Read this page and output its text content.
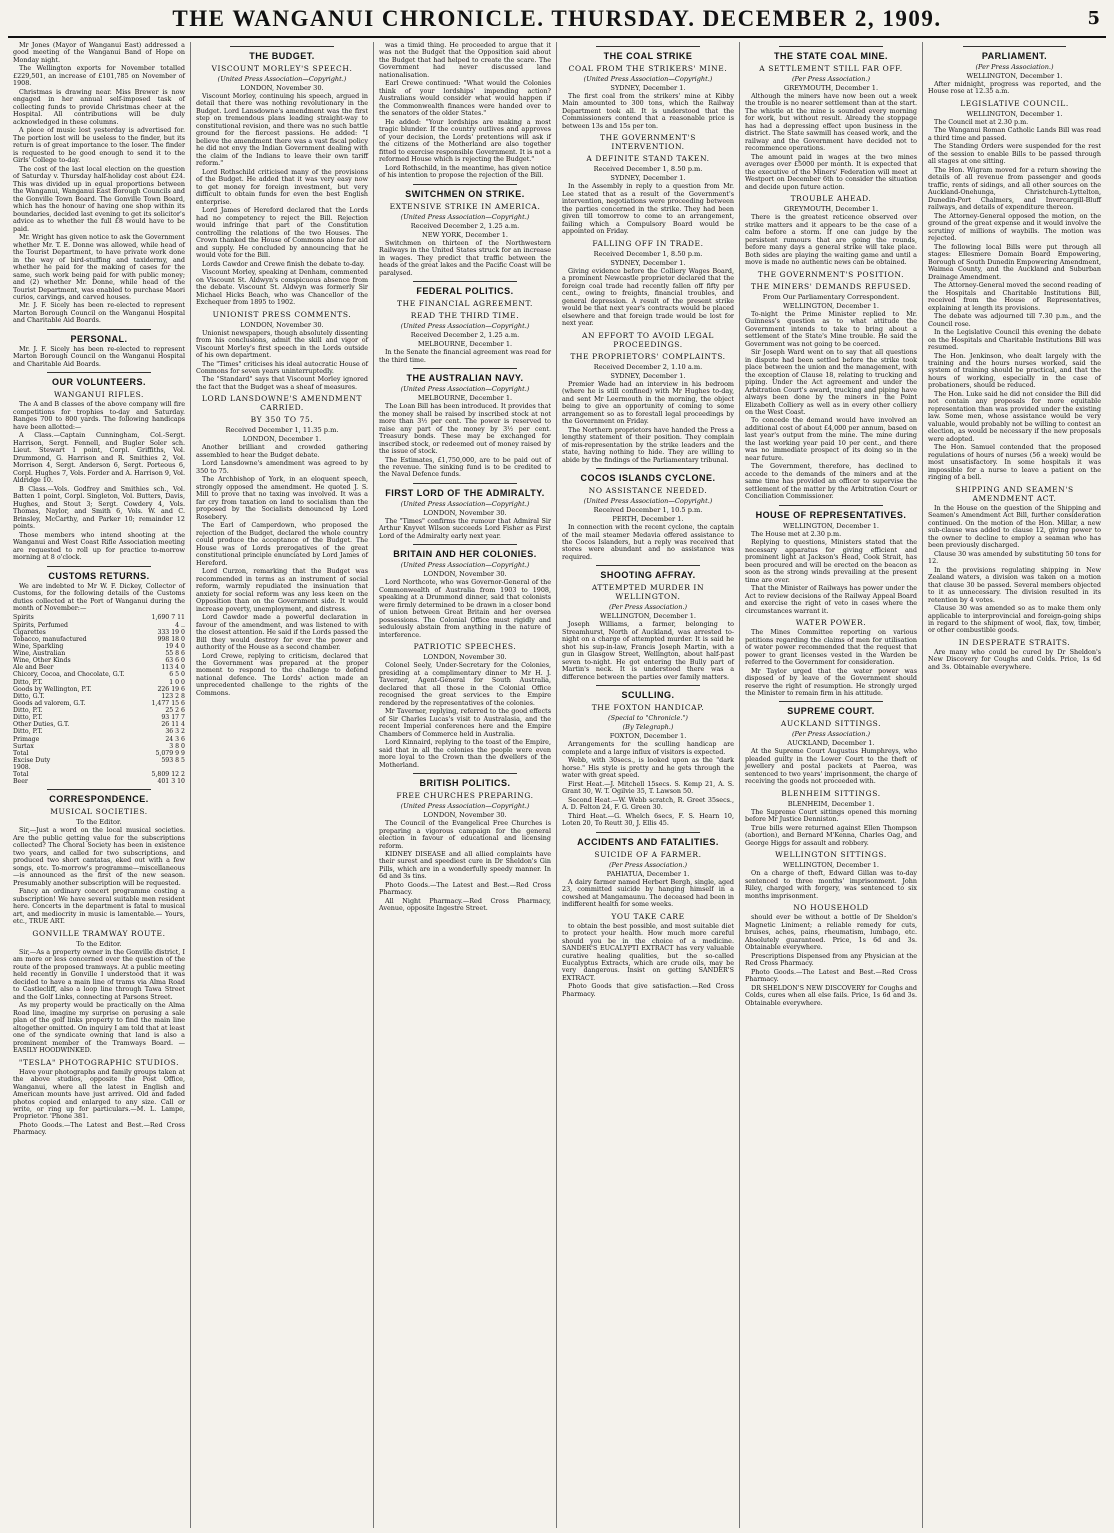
THE WANGANUI CHRONICLE. THURSDAY. DECEMBER 2, 1909.	5
Mr Jones (Mayor of Wanganui East) addressed a good meeting of the Wanganui Band of Hope on Monday night.
The Wellington exports for November totalled £229,501, an increase of £101,785 on November of 1908.
Christmas is drawing near. Miss Brewer is now engaged in her annual self-imposed task of collecting funds to provide Christmas cheer at the Hospital. All contributions will be duly acknowledged in these columns.
A piece of music lost yesterday is advertised for. The portion lost will be useless to the finder, but its return is of great importance to the loser. The finder is requested to be good enough to send it to the Girls' College to-day.
The cost of the last local election on the question of Saturday v. Thursday half-holiday cost about £24. This was divided up in equal proportions between the Wanganui, Wanganui East Borough Councils and the Gonville Town Board. The Gonville Town Board, which has the honour of having one shop within its boundaries, decided last evening to get its solicitor's advice as to whether the full £8 would have to be paid.
Mr. Wright has given notice to ask the Government whether Mr. T. E. Donne was allowed, while head of the Tourist Department, to have private work done in the way of bird-stuffing and taxidermy, and whether he paid for the making of cases for the same, such work being paid for with public money; and (2) whether Mr. Donne, while head of the Tourist Department, was enabled to purchase Maori curios, carvings, and carved houses.
Mr. J. F. Sicely has been re-elected to represent Marton Borough Council on the Wanganui Hospital and Charitable Aid Boards.
PERSONAL.
Mr. J. F. Sicely has been re-elected to represent Marton Borough Council on the Wanganui Hospital and Charitable Aid Boards.
OUR VOLUNTEERS.
WANGANUI RIFLES.
The A and B classes of the above company will fire competitions for trophies to-day and Saturday. Ranges 700 to 800 yards. The following handicaps have been allotted:—
A Class.—Captain Cunningham, Col.-Sergt. Harrison, Sergt. Fennell, and Bugler Soler sch. Lieut. Stewart 1 point, Corpl. Griffiths, Vol. Drummond, G. Harrison and R. Smithies 2, Vol. Morrison 4, Sergt. Anderson 6, Sergt. Porteous 6, Corpl. Hughes 7, Vols. Forder and A. Harrison 9, Vol. Aldridge 10.
B Class.—Vols. Godfrey and Smithies sch., Vol. Batten 1 point, Corpl. Singleton, Vol. Butters, Davis, Hughes, and Stout 3; Sergt. Cowdery 4, Vols. Thomas, Naylor, and Smith 6, Vols. W. and C. Brinsley, McCarthy, and Parker 10; remainder 12 points.
Those members who intend shooting at the Wanganui and West Coast Rifle Association meeting are requested to roll up for practice to-morrow morning at 8 o'clock.
CUSTOMS RETURNS.
We are indebted to Mr W. F. Dickey, Collector of Customs, for the following details of the Customs duties collected at the Port of Wanganui during the month of November:—
Spirits	1,690 7 11
Spirits, Perfumed	4 ..
Cigarettes	333 19 0
Tobacco, manufactured	998 18 0
Wine, Sparkling	19 4 0
Wine, Australian	55 8 6
Wine, Other Kinds	63 6 0
Ale and Beer	113 4 0
Chicory, Cocoa, and Chocolate, G.T.	6 5 0
Ditto, P.T.	1 0 0
Goods by Wellington, P.T.	226 19 6
Ditto, G.T.	123 2 8
Goods ad valorem, G.T.	1,477 15 6
Ditto, P.T.	25 2 6
Ditto, P.T.	93 17 7
Other Duties, G.T.	26 11 4
Ditto, P.T.	36 3 2
Primage	24 3 6
Surtax	3 8 0
Total	5,079 9 9
Excise Duty	593 8 5
1908.	
Total	5,809 12 2
Beer	401 3 10
CORRESPONDENCE.
MUSICAL SOCIETIES.
To the Editor.
Sir,—Just a word on the local musical societies. Are the public getting value for the subscriptions collected? The Choral Society has been in existence two years, and called for two subscriptions, and produced two short cantatas, eked out with a few songs, etc. To-morrow's programme—miscellaneous—is announced as the first of the new season. Presumably another subscription will be requested.
Fancy an ordinary concert programme costing a subscription! We have several suitable men resident here. Concerts in the department is fatal to musical art, and mediocrity in music is lamentable.— Yours, etc., TRUE ART.
GONVILLE TRAMWAY ROUTE.
To the Editor.
Sir,—As a property owner in the Gonville district, I am more or less concerned over the question of the route of the proposed tramways. At a public meeting held recently in Gonville I understood that it was decided to have a main line of trams via Alma Road to Castlecliff, also a loop line through Tawa Street and the Golf Links, connecting at Parsons Street.
As my property would be practically on the Alma Road line, imagine my surprise on perusing a sale plan of the golf links property to find the main line altogether omitted. On inquiry I am told that at least one of the syndicate owning that land is also a prominent member of the Tramways Board. — EASILY HOODWINKED.
"TESLA" PHOTOGRAPHIC STUDIOS.
Have your photographs and family groups taken at the above studios, opposite the Post Office, Wanganui, where all the latest in English and American mounts have just arrived. Old and faded photos copied and enlarged to any size. Call or write, or ring up for particulars.—M. L. Lampe, Proprietor. 'Phone 381.
Photo Goods.—The Latest and Best.—Red Cross Pharmacy.
THE BUDGET.
VISCOUNT MORLEY'S SPEECH.
(United Press Association—Copyright.)
LONDON, November 30.
Viscount Morley, continuing his speech, argued in detail that there was nothing revolutionary in the Budget. Lord Lansdowne's amendment was the first step on tremendous plans leading straight-way to constitutional revision, and there was no such battle ground for the fiercest passions. He added: "I believe the amendment there was a vast fiscal policy he did not envy the Indian Government dealing with the claim of the Indians to leave their own tariff reform."
Lord Rothschild criticised many of the provisions of the Budget. He added that it was very easy now to get money for foreign investment, but very difficult to obtain funds for even the best English enterprise.
Lord James of Hereford declared that the Lords had no competency to reject the Bill. Rejection would infringe that part of the Constitution controlling the relations of the two Houses. The Crown thanked the House of Commons alone for aid and supply. He concluded by announcing that he would vote for the Bill.
Lords Cawdor and Crewe finish the debate to-day.
Viscount Morley, speaking at Denham, commented on Viscount St. Aldwyn's conspicuous absence from the debate. Viscount St. Aldwyn was formerly Sir Michael Hicks Beach, who was Chancellor of the Exchequer from 1895 to 1902.
UNIONIST PRESS COMMENTS.
LONDON, November 30.
Unionist newspapers, though absolutely dissenting from his conclusions, admit the skill and vigor of Viscount Morley's first speech in the Lords outside of his own department.
The "Times" criticises his ideal autocratic House of Commons for seven years uninterruptedly.
The "Standard" says that Viscount Morley ignored the fact that the Budget was a sheaf of measures.
LORD LANSDOWNE'S AMENDMENT CARRIED.
BY 350 TO 75.
Received December 1, 11.35 p.m.
LONDON, December 1.
Another brilliant and crowded gathering assembled to hear the Budget debate.
Lord Lansdowne's amendment was agreed to by 350 to 75.
The Archbishop of York, in an eloquent speech, strongly opposed the amendment. He quoted J. S. Mill to prove that no taxing was involved. It was a far cry from taxation on land to socialism than the proposed by the Socialists denounced by Lord Rosebery.
The Earl of Camperdown, who proposed the rejection of the Budget, declared the whole country could produce the acceptance of the Budget. The House was of Lords prerogatives of the great constitutional principle enunciated by Lord James of Hereford.
Lord Curzon, remarking that the Budget was recommended in terms as an instrument of social reform, warmly repudiated the insinuation that anxiety for social reform was any less keen on the Opposition than on the Government side. It would increase poverty, unemployment, and distress.
Lord Cawdor made a powerful declaration in favour of the amendment, and was listened to with the closest attention. He said if the Lords passed the Bill they would destroy for ever the power and authority of the House as a second chamber.
Lord Crewe, replying to criticism, declared that the Government was prepared at the proper moment to respond to the challenge to defend national defence. The Lords' action made an unprecedented challenge to the rights of the Commons.
was a timid thing. He proceeded to argue that it was not the Budget that the Opposition said about the Budget that had helped to create the scare. The Government had never discussed land nationalisation.
Earl Crewe continued: "What would the Colonies think of your lordships' impending action? Australians would consider what would happen if the Commonwealth finances were handed over to the senators of the older States."
He added: "Your lordships are making a most tragic blunder. If the country outlives and approves of your decision, the Lords' pretentions will ask if the citizens of the Motherland are also together fitted to exercise responsible Government. It is not a reformed House which is rejecting the Budget."
Lord Rothschild, in the meantime, has given notice of his intention to propose the rejection of the Bill.
SWITCHMEN ON STRIKE.
EXTENSIVE STRIKE IN AMERICA.
(United Press Association—Copyright.)
Received December 2, 1.25 a.m.
NEW YORK, December 1.
Switchmen on thirteen of the Northwestern Railways in the United States struck for an increase in wages. They predict that traffic between the heads of the great lakes and the Pacific Coast will be paralysed.
FEDERAL POLITICS.
THE FINANCIAL AGREEMENT.
READ THE THIRD TIME.
(United Press Association—Copyright.)
Received December 2, 1.25 a.m.
MELBOURNE, December 1.
In the Senate the financial agreement was read for the third time.
THE AUSTRALIAN NAVY.
(United Press Association—Copyright.)
MELBOURNE, December 1.
The Loan Bill has been introduced. It provides that the money shall be raised by inscribed stock at not more than 3½ per cent. The power is reserved to raise any part of the money by 3½ per cent. Treasury bonds. These may be exchanged for inscribed stock, or redeemed out of money raised by the issue of stock.
The Estimates, £1,750,000, are to be paid out of the revenue. The sinking fund is to be credited to the Naval Defence funds.
FIRST LORD OF THE ADMIRALTY.
(United Press Association—Copyright.)
LONDON, November 30.
The "Times" confirms the rumour that Admiral Sir Arthur Knyvet Wilson succeeds Lord Fisher as First Lord of the Admiralty early next year.
BRITAIN AND HER COLONIES.
(United Press Association—Copyright.)
LONDON, November 30.
Lord Northcote, who was Governor-General of the Commonwealth of Australia from 1903 to 1908, speaking at a Drummond dinner, said that colonists were firmly determined to be drawn in a closer bond of union between Great Britain and her oversea possessions. The Colonial Office must rigidly and sedulously abstain from anything in the nature of interference.
PATRIOTIC SPEECHES.
LONDON, November 30.
Colonel Seely, Under-Secretary for the Colonies, presiding at a complimentary dinner to Mr H. J. Taverner, Agent-General for South Australia, declared that all those in the Colonial Office recognised the great services to the Empire rendered by the representatives of the colonies.
Mr Taverner, replying, referred to the good effects of Sir Charles Lucas's visit to Australasia, and the recent Imperial conferences here and the Empire Chambers of Commerce held in Australia.
Lord Kinnaird, replying to the toast of the Empire, said that in all the colonies the people were even more loyal to the Crown than the dwellers of the Motherland.
BRITISH POLITICS.
FREE CHURCHES PREPARING.
(United Press Association—Copyright.)
LONDON, November 30.
The Council of the Evangelical Free Churches is preparing a vigorous campaign for the general election in favour of educational and licensing reform.
KIDNEY DISEASE and all allied complaints have their surest and speediest cure in Dr Sheldon's Gin Pills, which are in a wonderfully speedy manner. In 6d and 3s tins.
Photo Goods.—The Latest and Best.—Red Cross Pharmacy.
All Night Pharmacy.—Red Cross Pharmacy, Avenue, opposite Ingestre Street.
THE COAL STRIKE
COAL FROM THE STRIKERS' MINE.
(United Press Association—Copyright.)
SYDNEY, December 1.
The first coal from the strikers' mine at Kibby Main amounted to 300 tons, which the Railway Department took all. It is understood that the Commissioners contend that a reasonable price is between 13s and 15s per ton.
THE GOVERNMENT'S INTERVENTION.
A DEFINITE STAND TAKEN.
Received December 1, 8.50 p.m.
SYDNEY, December 1.
In the Assembly in reply to a question from Mr. Lee stated that as a result of the Government's intervention, negotiations were proceeding between the parties concerned in the strike. They had been given till tomorrow to come to an arrangement, failing which a Compulsory Board would be appointed on Friday.
FALLING OFF IN TRADE.
Received December 1, 8.50 p.m.
SYDNEY, December 1.
Giving evidence before the Colliery Wages Board, a prominent Newcastle proprietor declared that the foreign coal trade had recently fallen off fifty per cent., owing to freights, financial troubles, and general depression. A result of the present strike would be that next year's contracts would be placed elsewhere and that foreign trade would be lost for next year.
AN EFFORT TO AVOID LEGAL PROCEEDINGS.
THE PROPRIETORS' COMPLAINTS.
Received December 2, 1.10 a.m.
SYDNEY, December 1.
Premier Wade had an interview in his bedroom (where he is still confined) with Mr Hughes to-day, and sent Mr Leermouth in the morning, the object being to give an opportunity of coming to some arrangement so as to forestall legal proceedings by the Government on Friday.
The Northern proprietors have handed the Press a lengthy statement of their position. They complain of mis-representation by the strike leaders and the state, having nothing to hide. They are willing to abide by the findings of the Parliamentary tribunal.
COCOS ISLANDS CYCLONE.
NO ASSISTANCE NEEDED.
(United Press Association—Copyright.)
Received December 1, 10.5 p.m.
PERTH, December 1.
In connection with the recent cyclone, the captain of the mail steamer Medavia offered assistance to the Cocos Islanders, but a reply was received that stores were abundant and no assistance was required.
SHOOTING AFFRAY.
ATTEMPTED MURDER IN WELLINGTON.
(Per Press Association.)
WELLINGTON, December 1.
Joseph Williams, a farmer, belonging to Streamhurst, North of Auckland, was arrested to-night on a charge of attempted murder. It is said he shot his sup-in-law, Francis Joseph Martin, with a gun in Glasgow Street, Wellington, about half-past seven to-night. He got entering the Bully part of Martin's neck. It is understood there was a difference between the parties over family matters.
SCULLING.
THE FOXTON HANDICAP.
(Special to "Chronicle.")
(By Telegraph.)
FOXTON, December 1.
Arrangements for the sculling handicap are complete and a large influx of visitors is expected.
Webb, with 30secs., is looked upon as the "dark horse." His style is pretty and he gets through the water with great speed.
First Heat.—J. Mitchell 15secs. S. Kemp 21, A. S. Grant 30, W. T. Ogilvie 35, T. Lawson 50.
Second Heat.—W. Webb scratch, R. Greet 35secs., A. D. Felton 24, F. G. Green 30.
Third Heat.—G. Whelch 6secs, F. S. Hearn 10, Loten 20, To Reutt 30, J. Ellis 45.
ACCIDENTS AND FATALITIES.
SUICIDE OF A FARMER.
(Per Press Association.)
PAHIATUA, December 1.
A dairy farmer named Herbert Bergh, single, aged 23, committed suicide by hanging himself in a cowshed at Mangamaunu. The deceased had been in indifferent health for some weeks.
YOU TAKE CARE
to obtain the best possible, and most suitable diet to protect your health. How much more careful should you be in the choice of a medicine. SANDER'S EUCALYPTI EXTRACT has very valuable curative healing qualities, but the so-called Eucalyptus Extracts, which are crude oils, may be very dangerous. Insist on getting SANDER'S EXTRACT.
Photo Goods that give satisfaction.—Red Cross Pharmacy.
THE STATE COAL MINE.
A SETTLEMENT STILL FAR OFF.
(Per Press Association.)
GREYMOUTH, December 1.
Although the miners have now been out a week the trouble is no nearer settlement than at the start. The whistle at the mine is sounded every morning for work, but without result. Already the stoppage has had a depressing effect upon business in the district. The State sawmill has ceased work, and the railway and the Government have decided not to recommence operations.
The amount paid in wages at the two mines averages over £5000 per month. It is expected that the executive of the Miners' Federation will meet at Westport on December 6th to consider the situation and decide upon future action.
TROUBLE AHEAD.
GREYMOUTH, December 1.
There is the greatest reticence observed over strike matters and it appears to be the case of a calm before a storm. If one can judge by the persistent rumours that are going the rounds, before many days a general strike will take place. Both sides are playing the waiting game and until a move is made no authentic news can be obtained.
THE GOVERNMENT'S POSITION.
THE MINERS' DEMANDS REFUSED.
From Our Parliamentary Correspondent.
WELLINGTON, December 1.
To-night the Prime Minister replied to Mr. Guinness's question as to what attitude the Government intends to take to bring about a settlement of the State's Mine trouble. He said the Government was not going to be coerced.
Sir Joseph Ward went on to say that all questions in dispute had been settled before the strike took place between the union and the management, with the exception of Clause 18, relating to trucking and piping. Under the Act agreement and under the Arbitration Court's award, trucking and piping have always been done by the miners in the Point Elizabeth Colliery as well as in every other colliery on the West Coast.
To concede the demand would have involved an additional cost of about £4,000 per annum, based on last year's output from the mine. The mine during the last working year paid 10 per cent., and there was no immediate prospect of its doing so in the near future.
The Government, therefore, has declined to accede to the demands of the miners and at the same time has provided an officer to supervise the settlement of the matter by the Arbitration Court or Conciliation Commissioner.
HOUSE OF REPRESENTATIVES.
WELLINGTON, December 1.
The House met at 2.30 p.m.
Replying to questions, Ministers stated that the necessary apparatus for giving efficient and prominent light at Jackson's Head, Cook Strait, has been procured and will be erected on the beacon as soon as the strong winds prevailing at the present time are over.
That the Minister of Railways has power under the Act to review decisions of the Railway Appeal Board and exercise the right of veto in cases where the circumstances warrant it.
WATER POWER.
The Mines Committee reporting on various petitions regarding the claims of men for utilisation of water power recommended that the request that power to grant licenses vested in the Warden be referred to the Government for consideration.
Mr Taylor urged that the water power was disposed of by leave of the Government should reserve the right of resumption. He strongly urged the Minister to remain firm in his attitude.
SUPREME COURT.
AUCKLAND SITTINGS.
(Per Press Association.)
AUCKLAND, December 1.
At the Supreme Court Augustus Humphreys, who pleaded guilty in the Lower Court to the theft of jewellery and postal packets at Paeroa, was sentenced to two years' imprisonment, the charge of receiving the goods not proceeded with.
BLENHEIM SITTINGS.
BLENHEIM, December 1.
The Supreme Court sittings opened this morning before Mr Justice Denniston.
True bills were returned against Ellen Thompson (abortion), and Bernard M'Kenna, Charles Oag, and George Higgs for assault and robbery.
WELLINGTON SITTINGS.
WELLINGTON, December 1.
On a charge of theft, Edward Gillan was to-day sentenced to three months' imprisonment. John Riley, charged with forgery, was sentenced to six months imprisonment.
NO HOUSEHOLD
should ever be without a bottle of Dr Sheldon's Magnetic Liniment; a reliable remedy for cuts, bruises, aches, pains, rheumatism, lumbago, etc. Absolutely guaranteed. Price, 1s 6d and 3s. Obtainable everywhere.
Prescriptions Dispensed from any Physician at the Red Cross Pharmacy.
Photo Goods.—The Latest and Best.—Red Cross Pharmacy.
DR SHELDON'S NEW DISCOVERY for Coughs and Colds, cures when all else fails. Price, 1s 6d and 3s. Obtainable everywhere.
PARLIAMENT.
(Per Press Association.)
WELLINGTON, December 1.
After midnight, progress was reported, and the House rose at 12.35 a.m.
LEGISLATIVE COUNCIL.
WELLINGTON, December 1.
The Council met at 2.30 p.m.
The Wanganui Roman Catholic Lands Bill was read a third time and passed.
The Standing Orders were suspended for the rest of the session to enable Bills to be passed through all stages at one sitting.
The Hon. Wigram moved for a return showing the details of all revenue from passenger and goods traffic, rents of sidings, and all other sources on the Auckland-Onehunga, Christchurch-Lyttelton, Dunedin-Port Chalmers, and Invercargill-Bluff railways, and details of expenditure thereon.
The Attorney-General opposed the motion, on the ground of the great expense and it would involve the scrutiny of millions of waybills. The motion was rejected.
The following local Bills were put through all stages: Ellesmere Domain Board Empowering, Borough of South Dunedin Empowering Amendment, Waimea County, and the Auckland and Suburban Drainage Amendment.
The Attorney-General moved the second reading of the Hospitals and Charitable Institutions Bill, received from the House of Representatives, explaining at length its provisions.
The debate was adjourned till 7.30 p.m., and the Council rose.
In the Legislative Council this evening the debate on the Hospitals and Charitable Institutions Bill was resumed.
The Hon. Jenkinson, who dealt largely with the training and the hours nurses worked, said the system of training should be practical, and that the hours of working, especially in the case of probationers, should be reduced.
The Hon. Luke said he did not consider the Bill did not contain any proposals for more equitable representation than was provided under the existing law. Some men, whose assistance would be very valuable, would probably not be willing to contest an election, as would be necessary if the new proposals were adopted.
The Hon. Samuel contended that the proposed regulations of hours of nurses (56 a week) would be most unsatisfactory. In some hospitals it was impossible for a nurse to leave a patient on the ringing of a bell.
SHIPPING AND SEAMEN'S AMENDMENT ACT.
In the House on the question of the Shipping and Seamen's Amendment Act Bill, further consideration continued. On the motion of the Hon. Millar, a new sub-clause was added to clause 12, giving power to the owner to decline to employ a seaman who has been previously discharged.
Clause 30 was amended by substituting 50 tons for 12.
In the provisions regulating shipping in New Zealand waters, a division was taken on a motion that clause 30 be passed. Several members objected to it as unnecessary. The division resulted in its retention by 4 votes.
Clause 30 was amended so as to make them only applicable to interprovincial and foreign-going ships in regard to the shipment of wool, flax, tow, timber, or other combustible goods.
IN DESPERATE STRAITS.
Are many who could be cured by Dr Sheldon's New Discovery for Coughs and Colds. Price, 1s 6d and 3s. Obtainable everywhere.
